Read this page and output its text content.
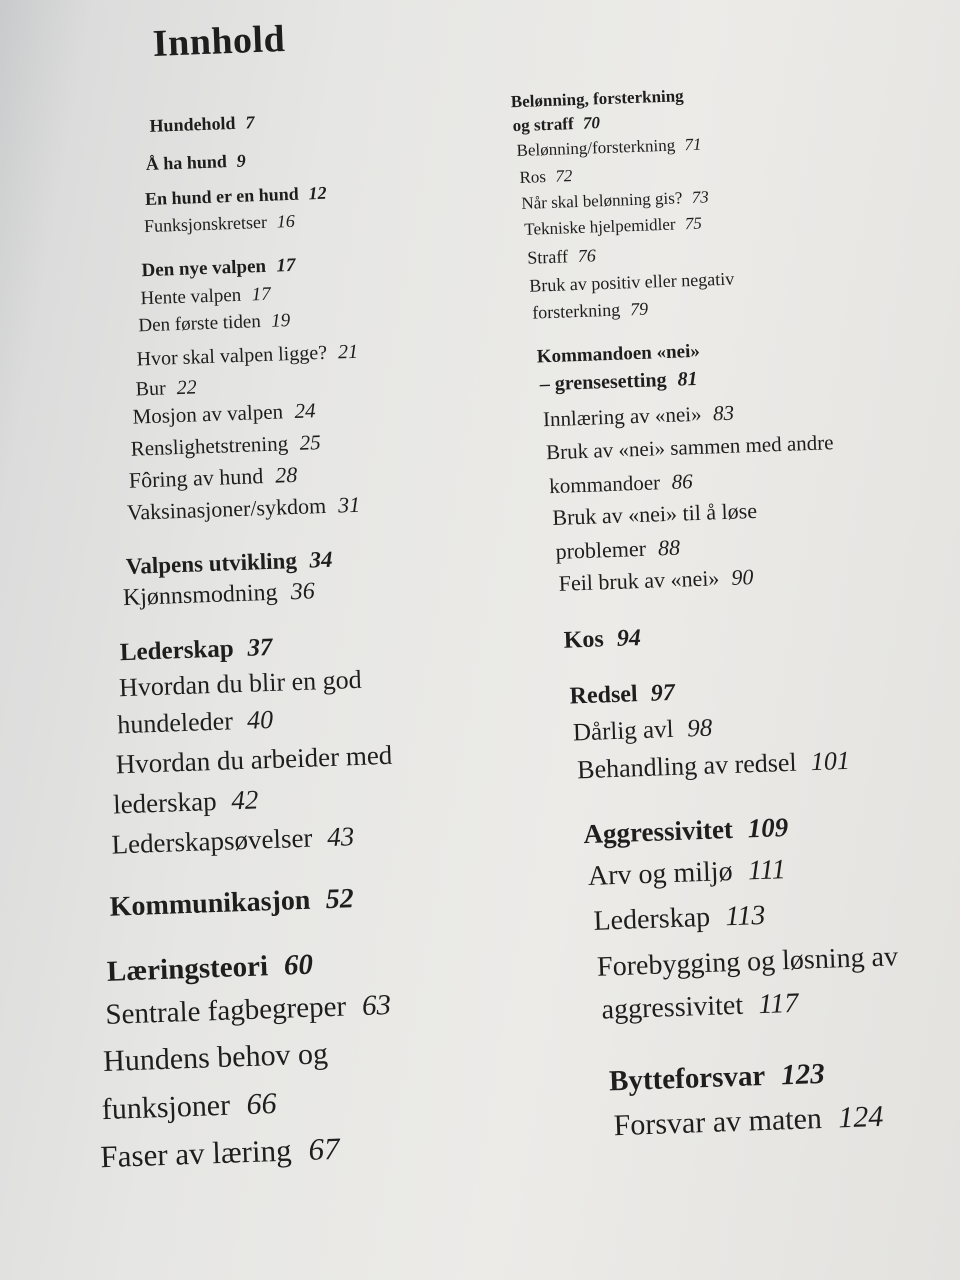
Innhold
Hundehold 7
Å ha hund 9
En hund er en hund 12
Funksjonskretser 16
Den nye valpen 17
Hente valpen 17
Den første tiden 19
Hvor skal valpen ligge? 21
Bur 22
Mosjon av valpen 24
Renslighetstrening 25
Fôring av hund 28
Vaksinasjoner/sykdom 31
Valpens utvikling 34
Kjønnsmodning 36
Lederskap 37
Hvordan du blir en god
hundeleder 40
Hvordan du arbeider med
lederskap 42
Lederskapsøvelser 43
Kommunikasjon 52
Læringsteori 60
Sentrale fagbegreper 63
Hundens behov og
funksjoner 66
Faser av læring 67
Belønning, forsterkning
og straff 70
Belønning/forsterkning 71
Ros 72
Når skal belønning gis? 73
Tekniske hjelpemidler 75
Straff 76
Bruk av positiv eller negativ
forsterkning 79
Kommandoen «nei»
– grensesetting 81
Innlæring av «nei» 83
Bruk av «nei» sammen med andre
kommandoer 86
Bruk av «nei» til å løse
problemer 88
Feil bruk av «nei» 90
Kos 94
Redsel 97
Dårlig avl 98
Behandling av redsel 101
Aggressivitet 109
Arv og miljø 111
Lederskap 113
Forebygging og løsning av
aggressivitet 117
Bytteforsvar 123
Forsvar av maten 124
